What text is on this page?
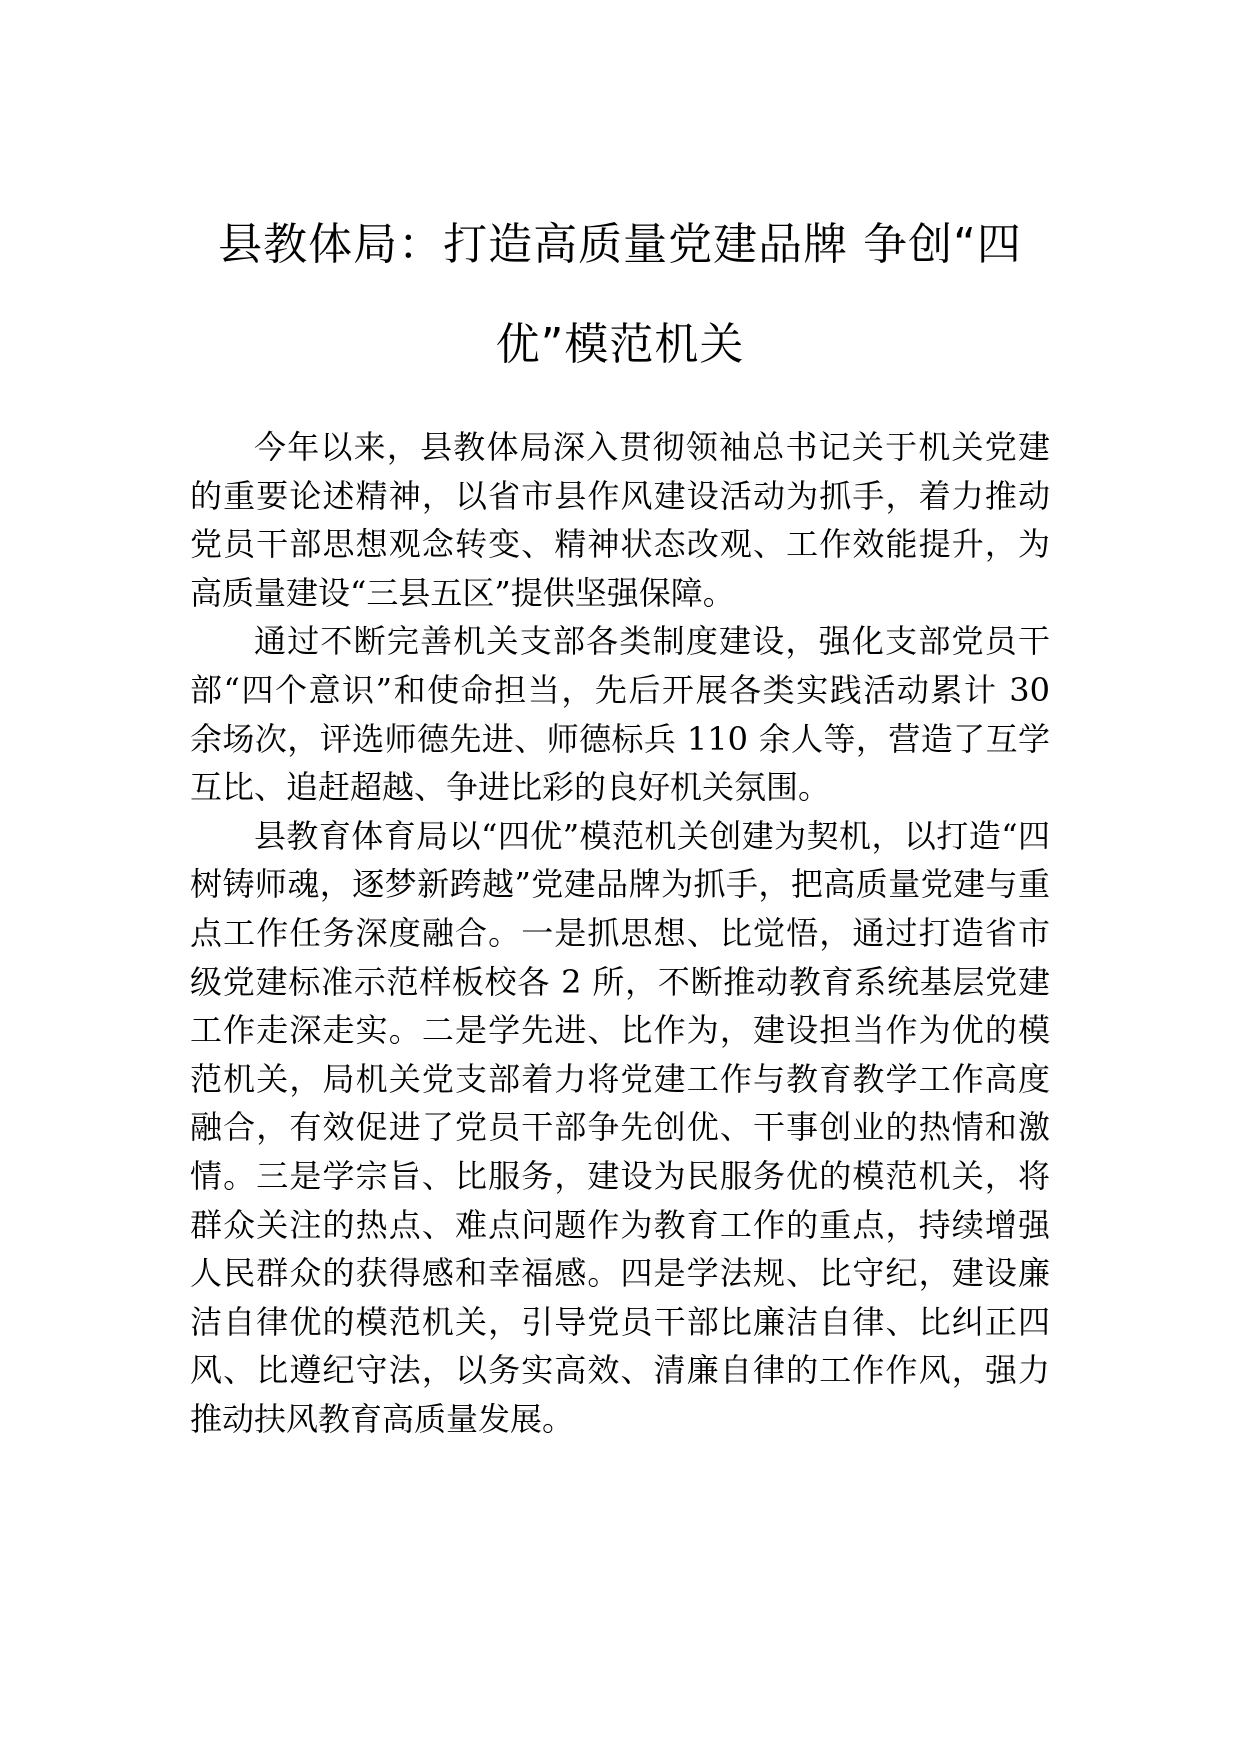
县教体局：打造高质量党建品牌 争创“四
优”模范机关

今年以来，县教体局深入贯彻领袖总书记关于机关党建的重要论述精神，以省市县作风建设活动为抓手，着力推动党员干部思想观念转变、精神状态改观、工作效能提升，为高质量建设“三县五区”提供坚强保障。

通过不断完善机关支部各类制度建设，强化支部党员干部“四个意识”和使命担当，先后开展各类实践活动累计 30 余场次，评选师德先进、师德标兵 110 余人等，营造了互学互比、追赶超越、争进比彩的良好机关氛围。

县教育体育局以“四优”模范机关创建为契机，以打造“四树铸师魂，逐梦新跨越”党建品牌为抓手，把高质量党建与重点工作任务深度融合。一是抓思想、比觉悟，通过打造省市级党建标准示范样板校各 2 所，不断推动教育系统基层党建工作走深走实。二是学先进、比作为，建设担当作为优的模范机关，局机关党支部着力将党建工作与教育教学工作高度融合，有效促进了党员干部争先创优、干事创业的热情和激情。三是学宗旨、比服务，建设为民服务优的模范机关，将群众关注的热点、难点问题作为教育工作的重点，持续增强人民群众的获得感和幸福感。四是学法规、比守纪，建设廉洁自律优的模范机关，引导党员干部比廉洁自律、比纠正四风、比遵纪守法，以务实高效、清廉自律的工作作风，强力推动扶风教育高质量发展。
